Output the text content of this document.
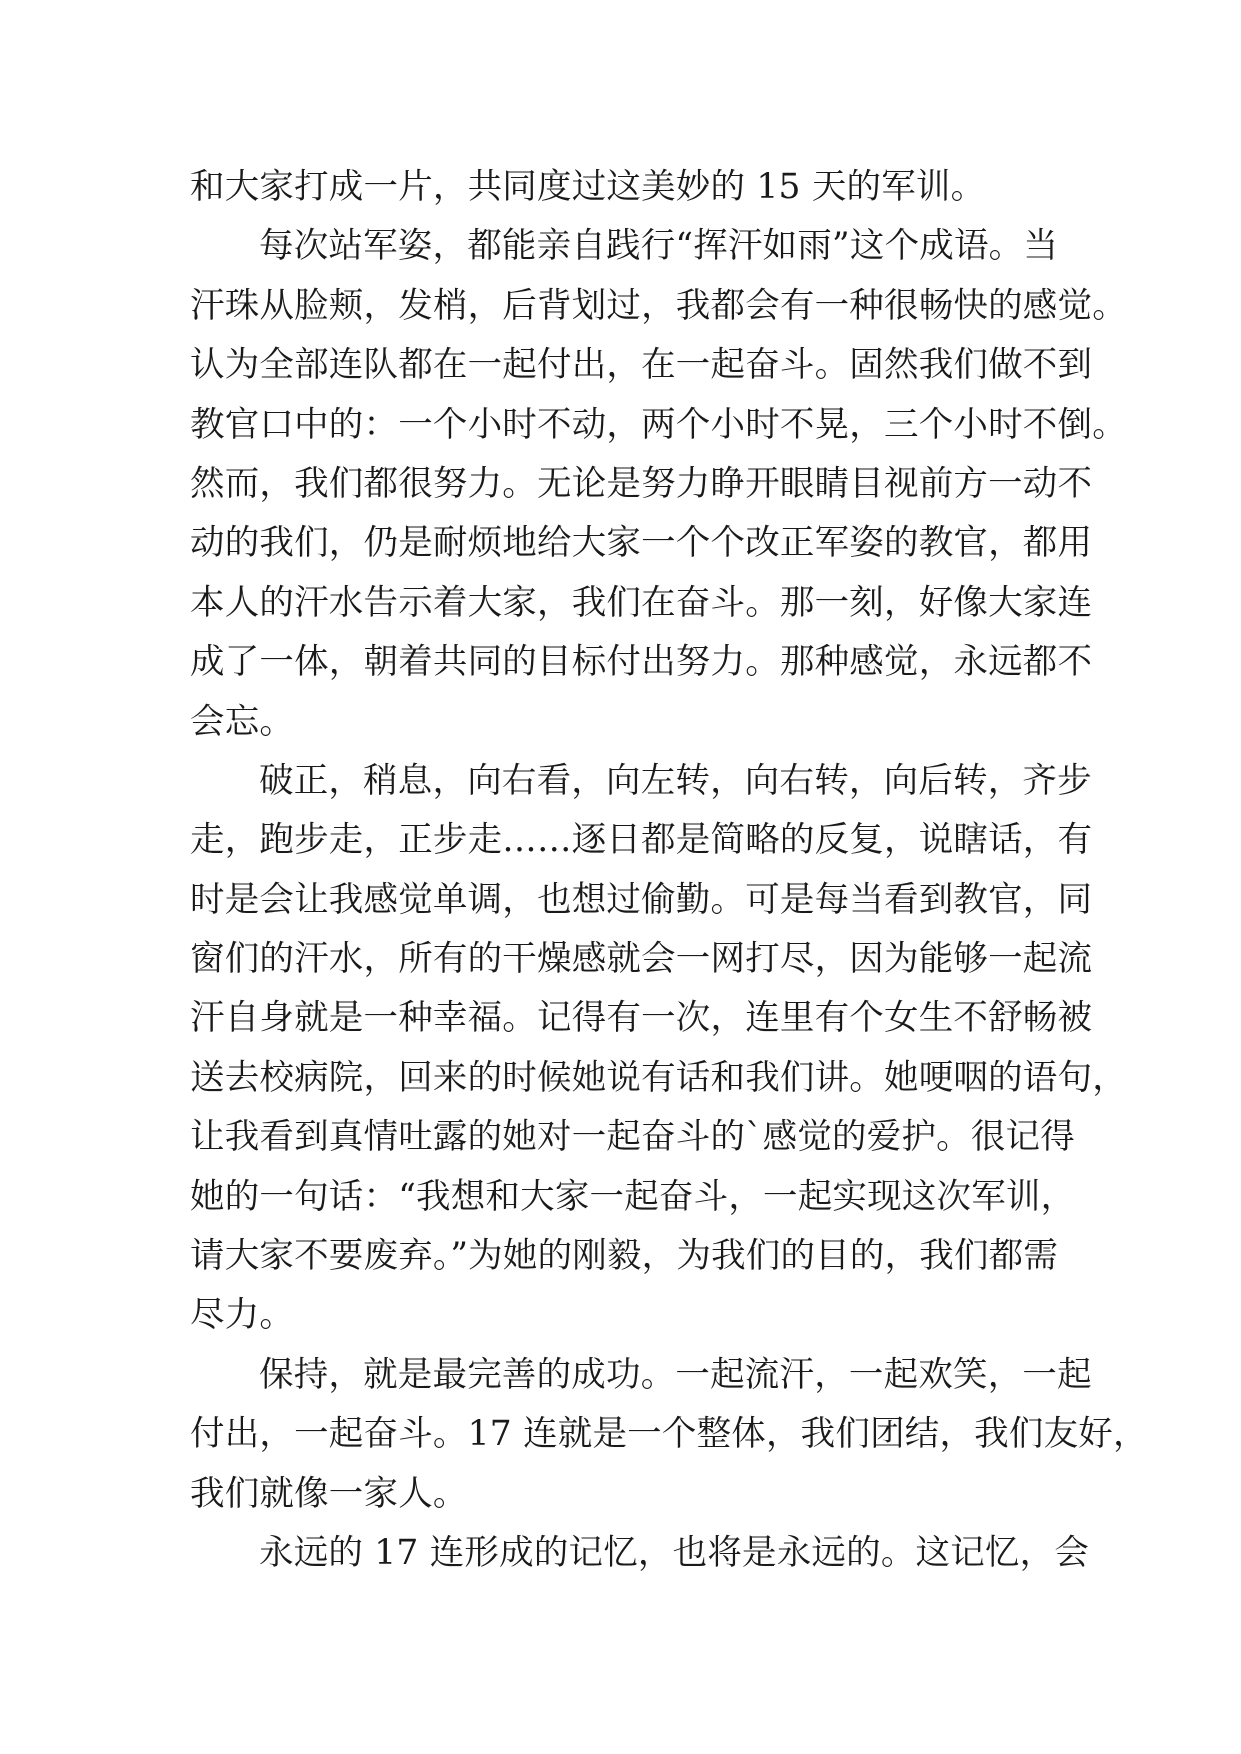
和大家打成一片，共同度过这美妙的 15 天的军训。
每次站军姿，都能亲自践行“挥汗如雨”这个成语。当
汗珠从脸颊，发梢，后背划过，我都会有一种很畅快的感觉。
认为全部连队都在一起付出，在一起奋斗。固然我们做不到
教官口中的：一个小时不动，两个小时不晃，三个小时不倒。
然而，我们都很努力。无论是努力睁开眼睛目视前方一动不
动的我们，仍是耐烦地给大家一个个改正军姿的教官，都用
本人的汗水告示着大家，我们在奋斗。那一刻，好像大家连
成了一体，朝着共同的目标付出努力。那种感觉，永远都不
会忘。
破正，稍息，向右看，向左转，向右转，向后转，齐步
走，跑步走，正步走……逐日都是简略的反复，说瞎话，有
时是会让我感觉单调，也想过偷勤。可是每当看到教官，同
窗们的汗水，所有的干燥感就会一网打尽，因为能够一起流
汗自身就是一种幸福。记得有一次，连里有个女生不舒畅被
送去校病院，回来的时候她说有话和我们讲。她哽咽的语句，
让我看到真情吐露的她对一起奋斗的`感觉的爱护。很记得
她的一句话：“我想和大家一起奋斗，一起实现这次军训，
请大家不要废弃。”为她的刚毅，为我们的目的，我们都需
尽力。
保持，就是最完善的成功。一起流汗，一起欢笑，一起
付出，一起奋斗。17 连就是一个整体，我们团结，我们友好，
我们就像一家人。
永远的 17 连形成的记忆，也将是永远的。这记忆，会
